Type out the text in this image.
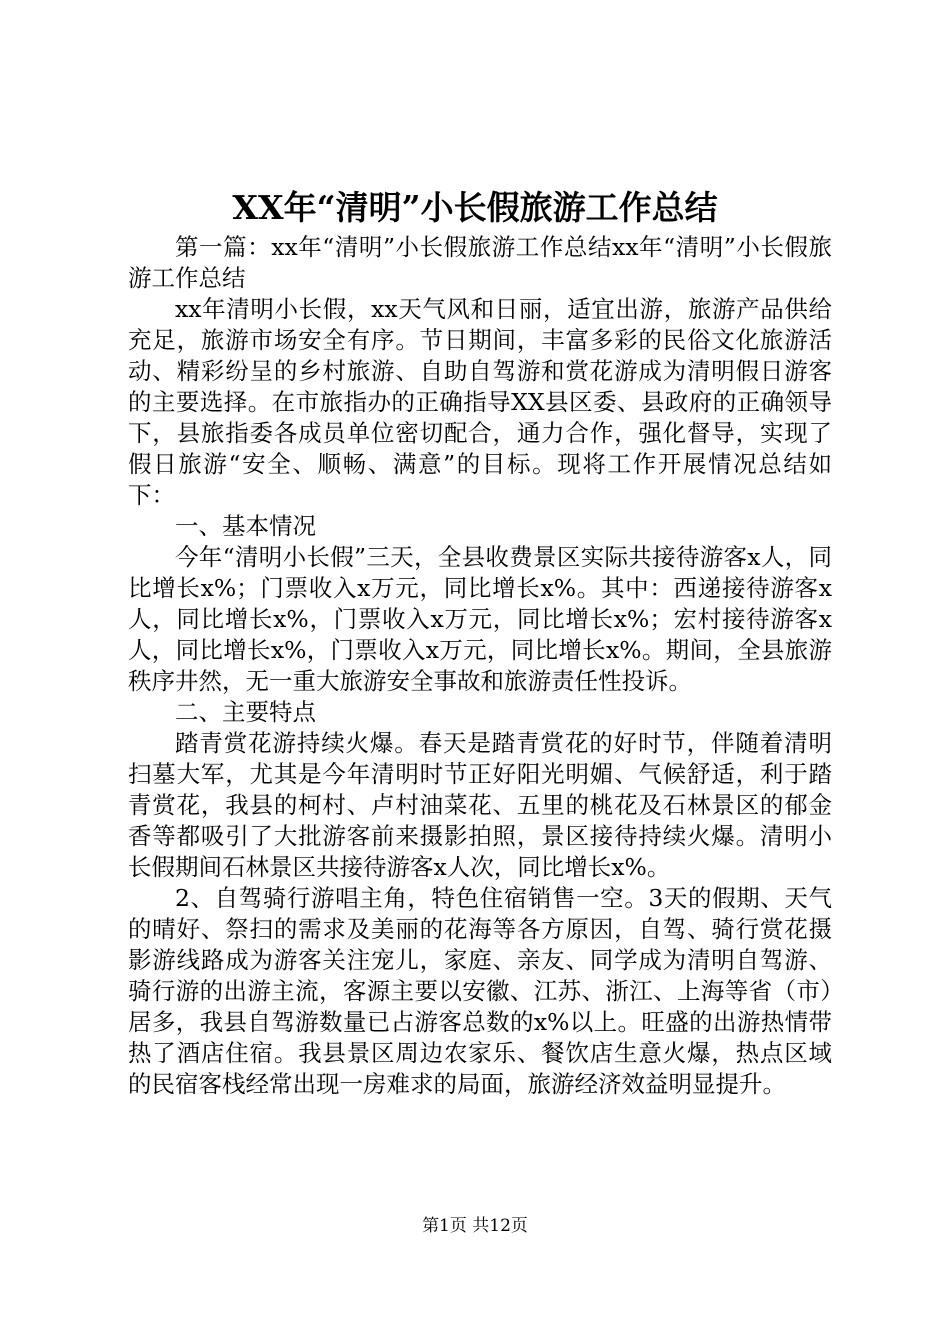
XX年“清明”小长假旅游工作总结

第一篇：xx年“清明”小长假旅游工作总结xx年“清明”小长假旅游工作总结

xx年清明小长假，xx天气风和日丽，适宜出游，旅游产品供给充足，旅游市场安全有序。节日期间，丰富多彩的民俗文化旅游活动、精彩纷呈的乡村旅游、自助自驾游和赏花游成为清明假日游客的主要选择。在市旅指办的正确指导XX县区委、县政府的正确领导下，县旅指委各成员单位密切配合，通力合作，强化督导，实现了假日旅游“安全、顺畅、满意”的目标。现将工作开展情况总结如下：

一、基本情况

今年“清明小长假”三天，全县收费景区实际共接待游客x人，同比增长x%；门票收入x万元，同比增长x%。其中：西递接待游客x人，同比增长x%，门票收入x万元，同比增长x%；宏村接待游客x人，同比增长x%，门票收入x万元，同比增长x%。期间，全县旅游秩序井然，无一重大旅游安全事故和旅游责任性投诉。

二、主要特点

踏青赏花游持续火爆。春天是踏青赏花的好时节，伴随着清明扫墓大军，尤其是今年清明时节正好阳光明媚、气候舒适，利于踏青赏花，我县的柯村、卢村油菜花、五里的桃花及石林景区的郁金香等都吸引了大批游客前来摄影拍照，景区接待持续火爆。清明小长假期间石林景区共接待游客x人次，同比增长x%。

2、自驾骑行游唱主角，特色住宿销售一空。3天的假期、天气的晴好、祭扫的需求及美丽的花海等各方原因，自驾、骑行赏花摄影游线路成为游客关注宠儿，家庭、亲友、同学成为清明自驾游、骑行游的出游主流，客源主要以安徽、江苏、浙江、上海等省（市）居多，我县自驾游数量已占游客总数的x%以上。旺盛的出游热情带热了酒店住宿。我县景区周边农家乐、餐饮店生意火爆，热点区域的民宿客栈经常出现一房难求的局面，旅游经济效益明显提升。

第1页 共12页
